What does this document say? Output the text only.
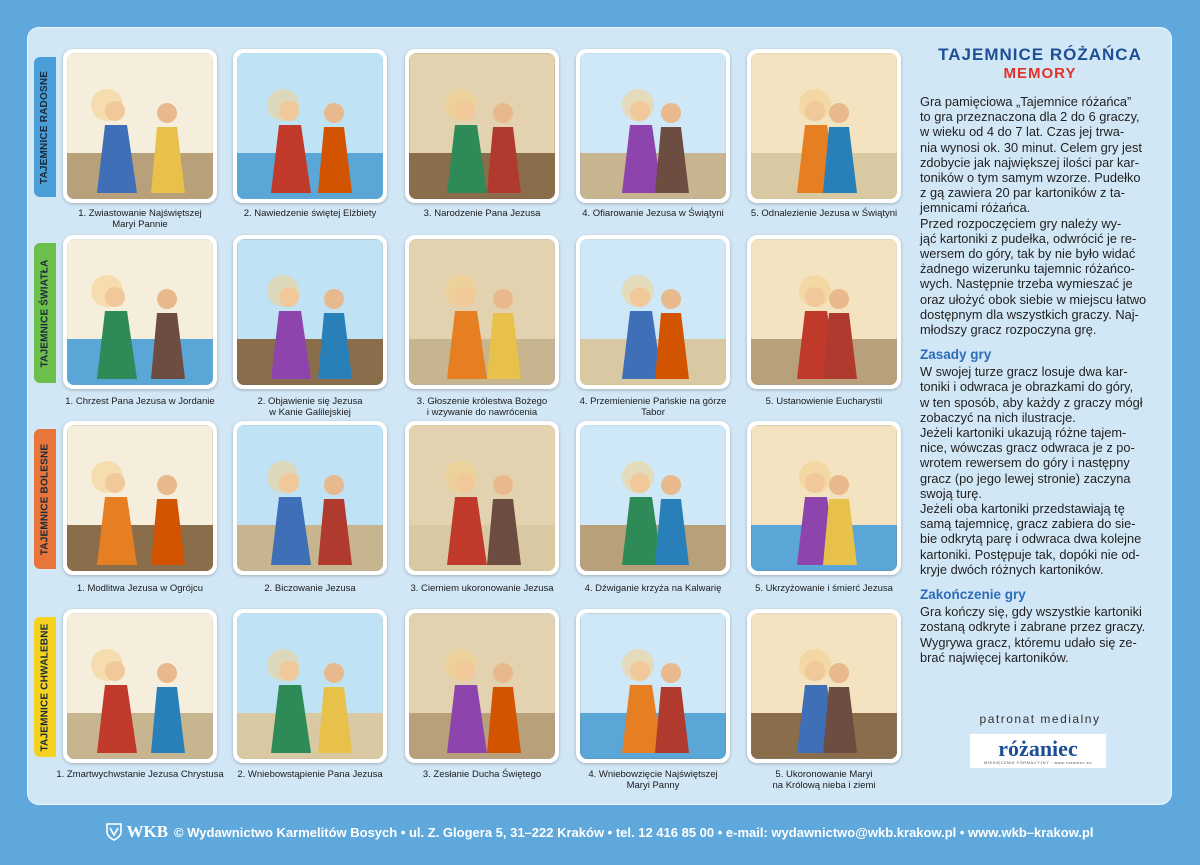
TAJEMNICE RADOSNE
1. Zwiastowanie Najświętszej
Maryi Pannie
2. Nawiedzenie świętej Elżbiety	3. Narodzenie Pana Jezusa	4. Ofiarowanie Jezusa w Świątyni	5. Odnalezienie Jezusa w Świątyni
TAJEMNICE ŚWIATŁA
1. Chrzest Pana Jezusa w Jordanie	2. Objawienie się Jezusa
w Kanie Galilejskiej
3. Głoszenie królestwa Bożego
i wzywanie do nawrócenia
4. Przemienienie Pańskie na górze Tabor
5. Ustanowienie Eucharystii
TAJEMNICE BOLESNE
1. Modlitwa Jezusa w Ogrójcu	2. Biczowanie Jezusa	3. Cierniem ukoronowanie Jezusa	4. Dźwiganie krzyża na Kalwarię	5. Ukrzyżowanie i śmierć Jezusa
TAJEMNICE CHWALEBNE
1. Zmartwychwstanie Jezusa Chrystusa	2. Wniebowstąpienie Pana Jezusa	3. Zesłanie Ducha Świętego	4. Wniebowzięcie Najświętszej
Maryi Panny
5. Ukoronowanie Maryi
na Królową nieba i ziemi
TAJEMNICE RÓŻAŃCA
MEMORY

Gra pamięciowa „Tajemnice różańca”

to gra przeznaczona dla 2 do 6 graczy,

w wieku od 4 do 7 lat. Czas jej trwa-

nia wynosi ok. 30 minut. Celem gry jest

zdobycie jak największej ilości par kar-

toników o tym samym wzorze. Pudełko

z gą zawiera 20 par kartoników z ta-

jemnicami różańca.

Przed rozpoczęciem gry należy wy-

jąć kartoniki z pudełka, odwrócić je re-

wersem do góry, tak by nie było widać

żadnego wizerunku tajemnic różańco-

wych. Następnie trzeba wymieszać je

oraz ułożyć obok siebie w miejscu łatwo

dostępnym dla wszystkich graczy. Naj-

młodszy gracz rozpoczyna grę.

Zasady gry

W swojej turze gracz losuje dwa kar-

toniki i odwraca je obrazkami do góry,

w ten sposób, aby każdy z graczy mógł

zobaczyć na nich ilustracje.

Jeżeli kartoniki ukazują różne tajem-

nice, wówczas gracz odwraca je z po-

wrotem rewersem do góry i następny

gracz (po jego lewej stronie) zaczyna

swoją turę.

Jeżeli oba kartoniki przedstawiają tę

samą tajemnicę, gracz zabiera do sie-

bie odkrytą parę i odwraca dwa kolejne

kartoniki. Postępuje tak, dopóki nie od-

kryje dwóch różnych kartoników.

Zakończenie gry

Gra kończy się, gdy wszystkie kartoniki

zostaną odkryte i zabrane przez graczy.

Wygrywa gracz, któremu udało się ze-

brać najwięcej kartoników.

patronat medialny
różaniec
MIESIĘCZNIK FORMACYJNY · www.rozaniec.eu
WKB © Wydawnictwo Karmelitów Bosych • ul. Z. Glogera 5, 31–222 Kraków • tel. 12 416 85 00 • e-mail: wydawnictwo@wkb.krakow.pl • www.wkb–krakow.pl
